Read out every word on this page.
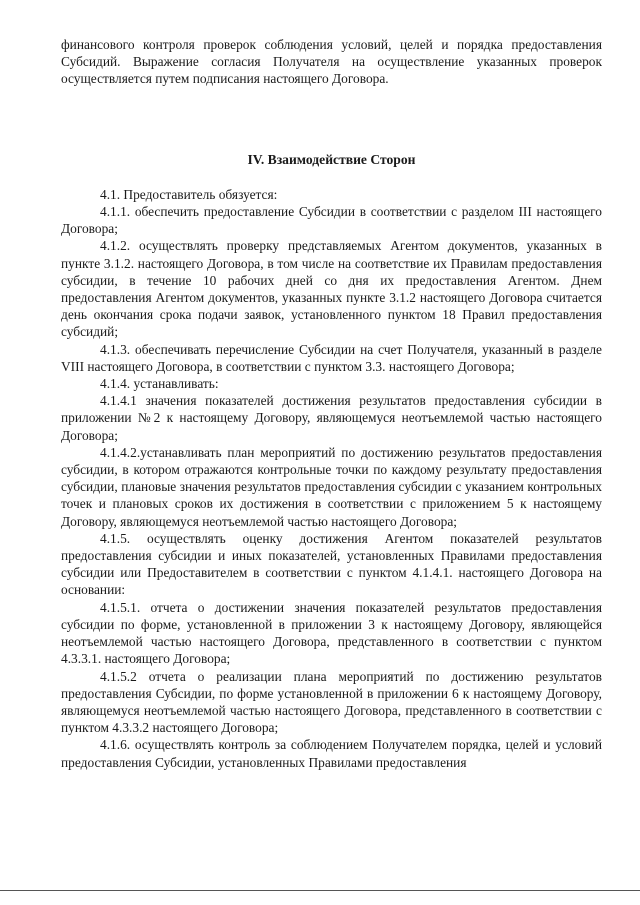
финансового контроля проверок соблюдения условий, целей и порядка предоставления Субсидий. Выражение согласия Получателя на осуществление указанных проверок осуществляется путем подписания настоящего Договора.

IV. Взаимодействие Сторон

4.1. Предоставитель обязуется:

4.1.1. обеспечить предоставление Субсидии в соответствии с разделом III настоящего Договора;

4.1.2. осуществлять проверку представляемых Агентом документов, указанных в пункте 3.1.2. настоящего Договора, в том числе на соответствие их Правилам предоставления субсидии, в течение 10 рабочих дней со дня их предоставления Агентом. Днем предоставления Агентом документов, указанных пункте 3.1.2 настоящего Договора считается день окончания срока подачи заявок, установленного пунктом 18 Правил предоставления субсидий;

4.1.3. обеспечивать перечисление Субсидии на счет Получателя, указанный в разделе VIII настоящего Договора, в соответствии с пунктом 3.3. настоящего Договора;

4.1.4. устанавливать:

4.1.4.1 значения показателей достижения результатов предоставления субсидии в приложении №2 к настоящему Договору, являющемуся неотъемлемой частью настоящего Договора;

4.1.4.2.устанавливать план мероприятий по достижению результатов предоставления субсидии, в котором отражаются контрольные точки по каждому результату предоставления субсидии, плановые значения результатов предоставления субсидии с указанием контрольных точек и плановых сроков их достижения в соответствии с приложением 5 к настоящему Договору, являющемуся неотъемлемой частью настоящего Договора;

4.1.5. осуществлять оценку достижения Агентом показателей результатов предоставления субсидии и иных показателей, установленных Правилами предоставления субсидии или Предоставителем в соответствии с пунктом 4.1.4.1. настоящего Договора на основании:

4.1.5.1. отчета о достижении значения показателей результатов предоставления субсидии по форме, установленной в приложении 3 к настоящему Договору, являющейся неотъемлемой частью настоящего Договора, представленного в соответствии с пунктом 4.3.3.1. настоящего Договора;

4.1.5.2 отчета о реализации плана мероприятий по достижению результатов предоставления Субсидии, по форме установленной в приложении 6 к настоящему Договору, являющемуся неотъемлемой частью настоящего Договора, представленного в соответствии с пунктом 4.3.3.2 настоящего Договора;

4.1.6. осуществлять контроль за соблюдением Получателем порядка, целей и условий предоставления Субсидии, установленных Правилами предоставления
